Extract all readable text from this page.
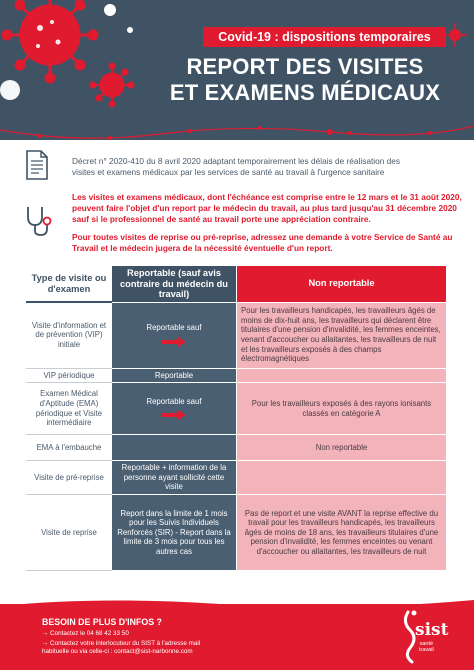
Covid-19 : dispositions temporaires
REPORT DES VISITES
ET EXAMENS MÉDICAUX
Décret n° 2020-410 du 8 avril 2020 adaptant temporairement les délais de réalisation des
visites et examens médicaux par les services de santé au travail à l'urgence sanitaire
Les visites et examens médicaux, dont l'échéance est comprise entre le 12 mars et le 31 août 2020,
peuvent faire l'objet d'un report par le médecin du travail, au plus tard jusqu'au 31 décembre 2020
sauf si le professionnel de santé au travail porte une appréciation contraire.
Pour toutes visites de reprise ou pré-reprise, adressez une demande à votre Service de Santé au
Travail et le médecin jugera de la nécessité éventuelle d'un report.
Type de visite ou d'examen	Reportable (sauf avis contraire du médecin du travail)	Non reportable
Visite d'information et de prévention (VIP) initiale	Reportable sauf	Pour les travailleurs handicapés, les travailleurs âgés de moins de dix-huit ans, les travailleurs qui déclarent être titulaires d'une pension d'invalidité, les femmes enceintes, venant d'accoucher ou allaitantes, les travailleurs de nuit et les travailleurs exposés à des champs électromagnétiques
VIP périodique	Reportable	
Examen Médical d'Aptitude (EMA) périodique et Visite intermédiaire	Reportable sauf	Pour les travailleurs exposés à des rayons ionisants classés en catégorie A
EMA à l'embauche		Non reportable
Visite de pré-reprise	Reportable + information de la personne ayant sollicité cette visite	
Visite de reprise	Report dans la limite de 1 mois pour les Suivis Individuels Renforcés (SIR) - Report dans la limite de 3 mois pour tous les autres cas	Pas de report et une visite AVANT la reprise effective du travail pour les travailleurs handicapés, les travailleurs âgés de moins de 18 ans, les travailleurs titulaires d'une pension d'invalidité, les femmes enceintes ou venant d'accoucher ou allaitantes, les travailleurs de nuit
BESOIN DE PLUS D'INFOS ?
→ Contactez le 04 68 42 33 50
→ Contactez votre interlocuteur du SIST à l'adresse mail
habituelle ou via celle-ci : contact@sist-narbonne.com
sist
santé
travail
